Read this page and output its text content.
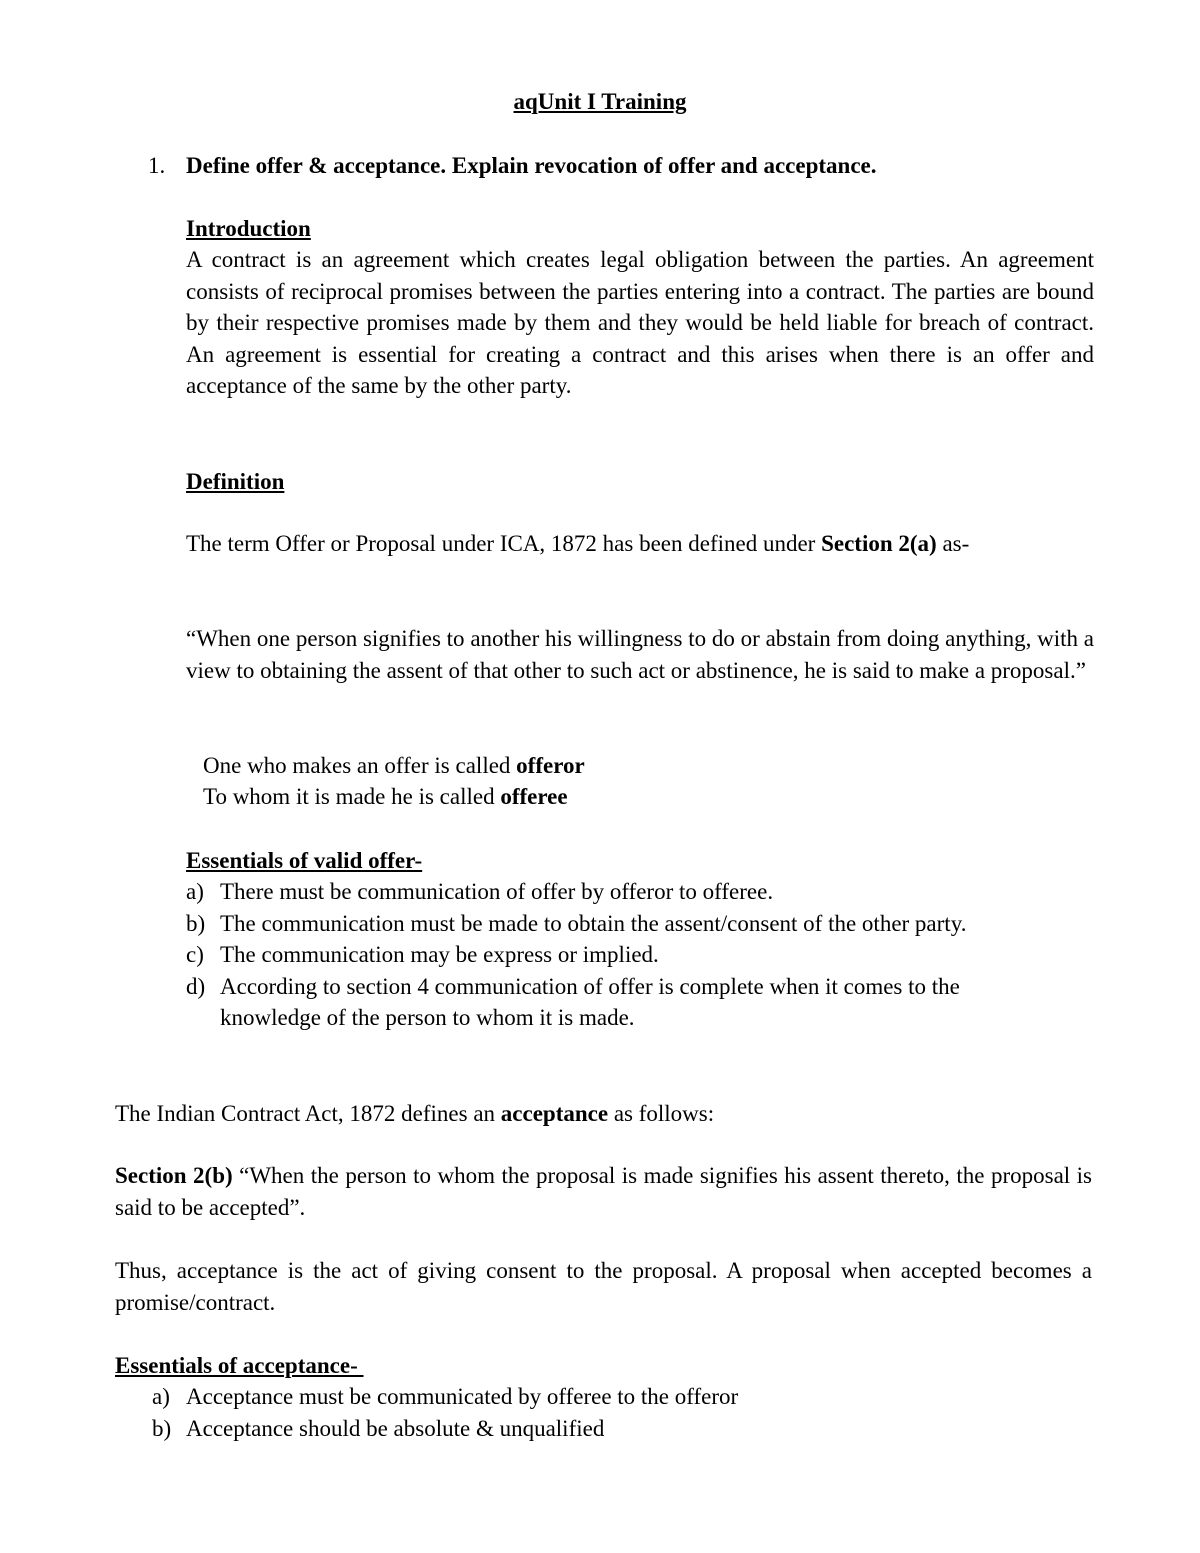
aqUnit I Training
1. Define offer & acceptance. Explain revocation of offer and acceptance.
Introduction
A contract is an agreement which creates legal obligation between the parties. An agreement consists of reciprocal promises between the parties entering into a contract. The parties are bound by their respective promises made by them and they would be held liable for breach of contract. An agreement is essential for creating a contract and this arises when there is an offer and acceptance of the same by the other party.
Definition
The term Offer or Proposal under ICA, 1872 has been defined under Section 2(a) as-
“When one person signifies to another his willingness to do or abstain from doing anything, with a view to obtaining the assent of that other to such act or abstinence, he is said to make a proposal.”
One who makes an offer is called offeror
To whom it is made he is called offeree
Essentials of valid offer-
a) There must be communication of offer by offeror to offeree.
b) The communication must be made to obtain the assent/consent of the other party.
c) The communication may be express or implied.
d) According to section 4 communication of offer is complete when it comes to the knowledge of the person to whom it is made.
The Indian Contract Act, 1872 defines an acceptance as follows:
Section 2(b) “When the person to whom the proposal is made signifies his assent thereto, the proposal is said to be accepted”.
Thus, acceptance is the act of giving consent to the proposal. A proposal when accepted becomes a promise/contract.
Essentials of acceptance-
a) Acceptance must be communicated by offeree to the offeror
b) Acceptance should be absolute & unqualified
